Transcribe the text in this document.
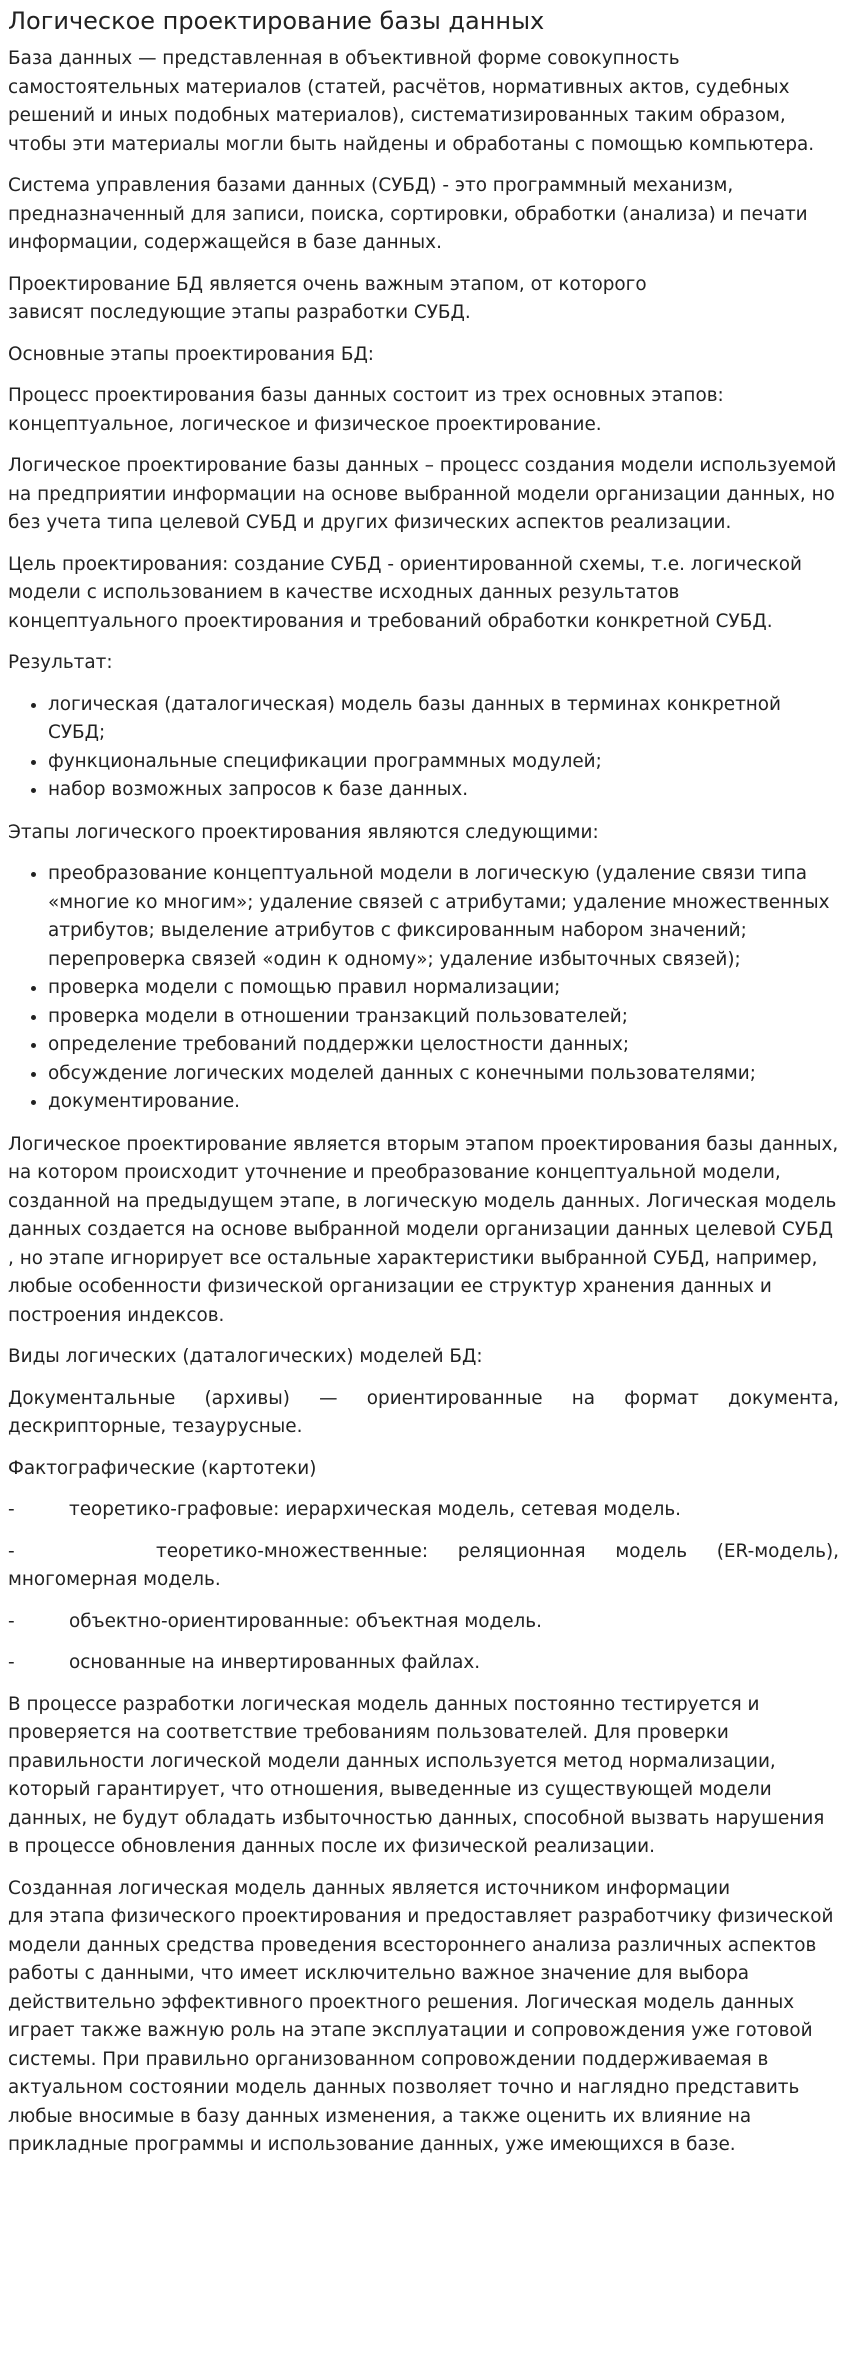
Логическое проектирование базы данных

База данных — представленная в объективной форме совокупность самостоятельных материалов (статей, расчётов, нормативных актов, судебных решений и иных подобных материалов), систематизированных таким образом, чтобы эти материалы могли быть найдены и обработаны с помощью компьютера.

Система управления базами данных (СУБД) - это программный механизм, предназначенный для записи, поиска, сортировки, обработки (анализа) и печати информации, содержащейся в базе данных.

Проектирование БД является очень важным этапом, от которого
зависят последующие этапы разработки СУБД.

Основные этапы проектирования БД:

Процесс проектирования базы данных состоит из трех основных этапов: концептуальное, логическое и физическое проектирование.

Логическое проектирование базы данных – процесс создания модели используемой на предприятии информации на основе выбранной модели организации данных, но без учета типа целевой СУБД и других физических аспектов реализации.

Цель проектирования: создание СУБД - ориентированной схемы, т.е. логической модели с использованием в качестве исходных данных результатов концептуального проектирования и требований обработки конкретной СУБД.

Результат:

• логическая (даталогическая) модель базы данных в терминах конкретной СУБД;
• функциональные спецификации программных модулей;
• набор возможных запросов к базе данных.

Этапы логического проектирования являются следующими:

• преобразование концептуальной модели в логическую (удаление связи типа «многие ко многим»; удаление связей с атрибутами; удаление множественных атрибутов; выделение атрибутов с фиксированным набором значений; перепроверка связей «один к одному»; удаление избыточных связей);
• проверка модели с помощью правил нормализации;
• проверка модели в отношении транзакций пользователей;
• определение требований поддержки целостности данных;
• обсуждение логических моделей данных с конечными пользователями;
• документирование.

Логическое проектирование является вторым этапом проектирования базы данных, на котором происходит уточнение и преобразование концептуальной модели, созданной на предыдущем этапе, в логическую модель данных. Логическая модель данных создается на основе выбранной модели организации данных целевой СУБД , но этапе игнорирует все остальные характеристики выбранной СУБД, например, любые особенности физической организации ее структур хранения данных и построения индексов.

Виды логических (даталогических) моделей БД:

Документальные (архивы) — ориентированные на формат документа, дескрипторные, тезаурусные.

Фактографические (картотеки)

-	теоретико-графовые: иерархическая модель, сетевая модель.
-	теоретико-множественные: реляционная модель (ER-модель), многомерная модель.
-	объектно-ориентированные: объектная модель.
-	основанные на инвертированных файлах.

В процессе разработки логическая модель данных постоянно тестируется и проверяется на соответствие требованиям пользователей. Для проверки правильности логической модели данных используется метод нормализации, который гарантирует, что отношения, выведенные из существующей модели данных, не будут обладать избыточностью данных, способной вызвать нарушения в процессе обновления данных после их физической реализации.

Созданная логическая модель данных является источником информации
для этапа физического проектирования и предоставляет разработчику физической модели данных средства проведения всестороннего анализа различных аспектов работы с данными, что имеет исключительно важное значение для выбора действительно эффективного проектного решения. Логическая модель данных играет также важную роль на этапе эксплуатации и сопровождения уже готовой системы. При правильно организованном сопровождении поддерживаемая в актуальном состоянии модель данных позволяет точно и наглядно представить любые вносимые в базу данных изменения, а также оценить их влияние на прикладные программы и использование данных, уже имеющихся в базе.
